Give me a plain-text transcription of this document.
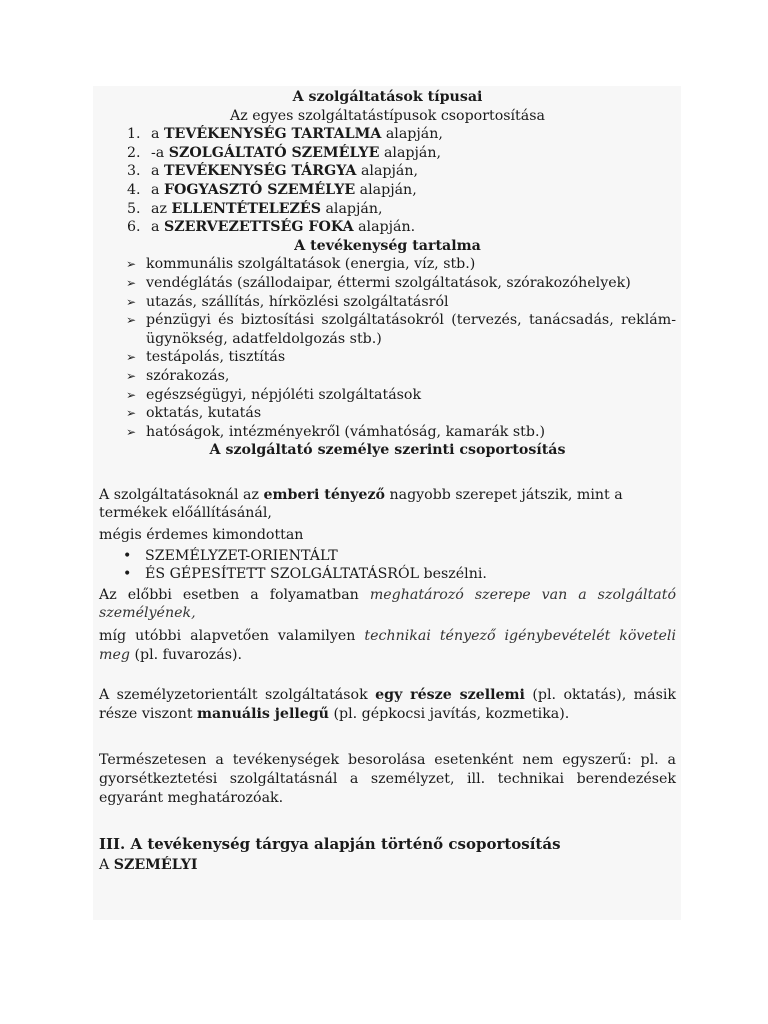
A szolgáltatások típusai
Az egyes szolgáltatástípusok csoportosítása
1. a TEVÉKENYSÉG TARTALMA alapján,
2. -a SZOLGÁLTATÓ SZEMÉLYE alapján,
3. a TEVÉKENYSÉG TÁRGYA alapján,
4. a FOGYASZTÓ SZEMÉLYE alapján,
5. az ELLENTÉTELEZÉS alapján,
6. a SZERVEZETTSÉG FOKA alapján.
A tevékenység tartalma
➢ kommunális szolgáltatások (energia, víz, stb.)
➢ vendéglátás (szállodaipar, éttermi szolgáltatások, szórakozóhelyek)
➢ utazás, szállítás, hírközlési szolgáltatásról
➢ pénzügyi és biztosítási szolgáltatásokról (tervezés, tanácsadás, reklám-ügynökség, adatfeldolgozás stb.)
➢ testápolás, tisztítás
➢ szórakozás,
➢ egészségügyi, népjóléti szolgáltatások
➢ oktatás, kutatás
➢ hatóságok, intézményekről (vámhatóság, kamarák stb.)
A szolgáltató személye szerinti csoportosítás

A szolgáltatásoknál az emberi tényező nagyobb szerepet játszik, mint a termékek előállításánál,

mégis érdemes kimondottan

• SZEMÉLYZET-ORIENTÁLT
• ÉS GÉPESÍTETT SZOLGÁLTATÁSRÓL beszélni.

Az előbbi esetben a folyamatban meghatározó szerepe van a szolgáltató személyének,

míg utóbbi alapvetően valamilyen technikai tényező igénybevételét követeli meg (pl. fuvarozás).

A személyzetorientált szolgáltatások egy része szellemi (pl. oktatás), másik része viszont manuális jellegű (pl. gépkocsi javítás, kozmetika).

Természetesen a tevékenységek besorolása esetenként nem egyszerű: pl. a gyorsétkeztetési szolgáltatásnál a személyzet, ill. technikai berendezések egyaránt meghatározóak.

III. A tevékenység tárgya alapján történő csoportosítás

A SZEMÉLYI
